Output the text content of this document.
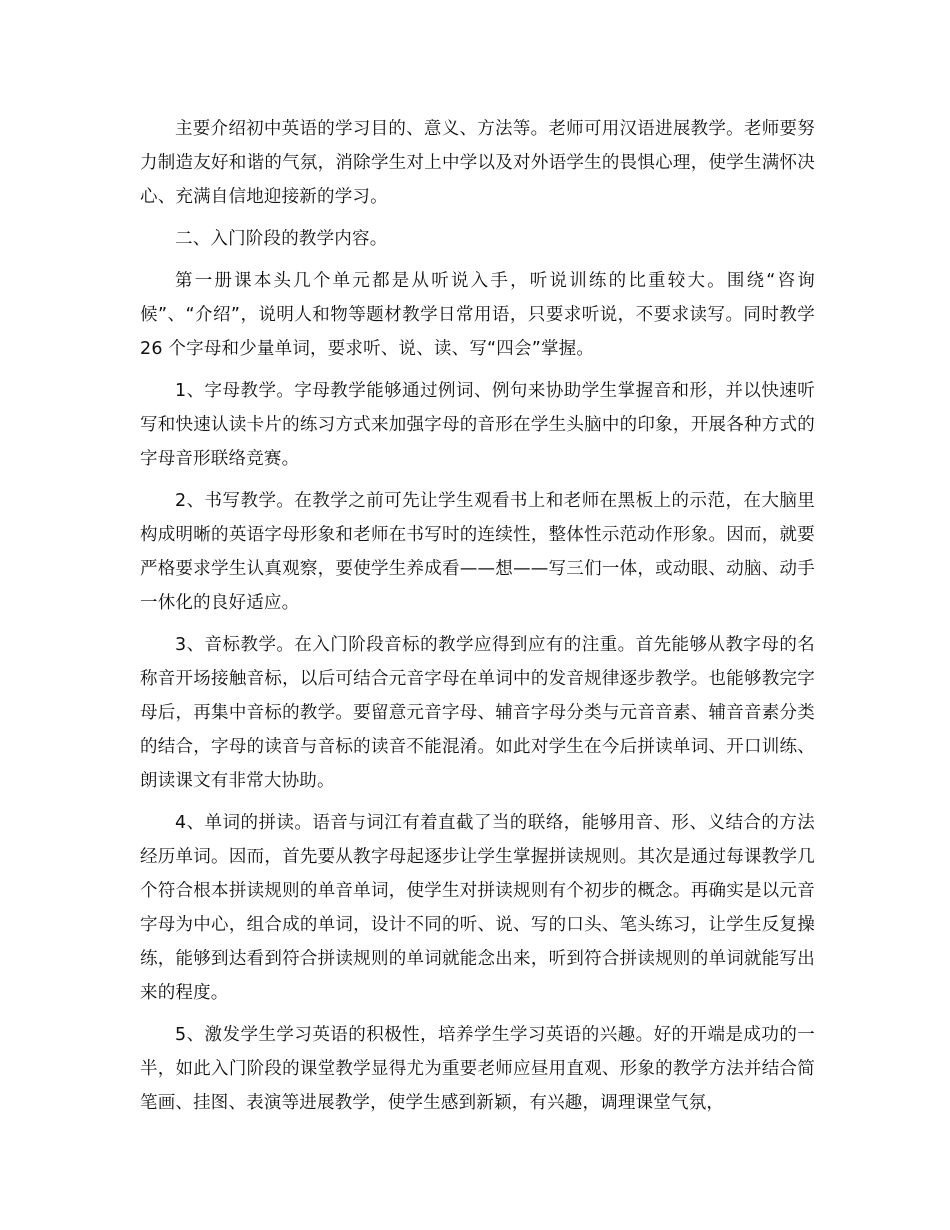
主要介绍初中英语的学习目的、意义、方法等。老师可用汉语进展教学。老师要努力制造友好和谐的气氛，消除学生对上中学以及对外语学生的畏惧心理，使学生满怀决心、充满自信地迎接新的学习。

二、入门阶段的教学内容。

第一册课本头几个单元都是从听说入手，听说训练的比重较大。围绕“咨询候”、“介绍”，说明人和物等题材教学日常用语，只要求听说，不要求读写。同时教学 26 个字母和少量单词，要求听、说、读、写“四会”掌握。

1、字母教学。字母教学能够通过例词、例句来协助学生掌握音和形，并以快速听写和快速认读卡片的练习方式来加强字母的音形在学生头脑中的印象，开展各种方式的字母音形联络竞赛。

2、书写教学。在教学之前可先让学生观看书上和老师在黑板上的示范，在大脑里构成明晰的英语字母形象和老师在书写时的连续性，整体性示范动作形象。因而，就要严格要求学生认真观察，要使学生养成看——想——写三们一体，或动眼、动脑、动手一休化的良好适应。

3、音标教学。在入门阶段音标的教学应得到应有的注重。首先能够从教字母的名称音开场接触音标，以后可结合元音字母在单词中的发音规律逐步教学。也能够教完字母后，再集中音标的教学。要留意元音字母、辅音字母分类与元音音素、辅音音素分类的结合，字母的读音与音标的读音不能混淆。如此对学生在今后拼读单词、开口训练、朗读课文有非常大协助。

4、单词的拼读。语音与词江有着直截了当的联络，能够用音、形、义结合的方法经历单词。因而，首先要从教字母起逐步让学生掌握拼读规则。其次是通过每课教学几个符合根本拼读规则的单音单词，使学生对拼读规则有个初步的概念。再确实是以元音字母为中心，组合成的单词，设计不同的听、说、写的口头、笔头练习，让学生反复操练，能够到达看到符合拼读规则的单词就能念出来，听到符合拼读规则的单词就能写出来的程度。

5、激发学生学习英语的积极性，培养学生学习英语的兴趣。好的开端是成功的一半，如此入门阶段的课堂教学显得尤为重要老师应昼用直观、形象的教学方法并结合简笔画、挂图、表演等进展教学，使学生感到新颖，有兴趣，调理课堂气氛，
